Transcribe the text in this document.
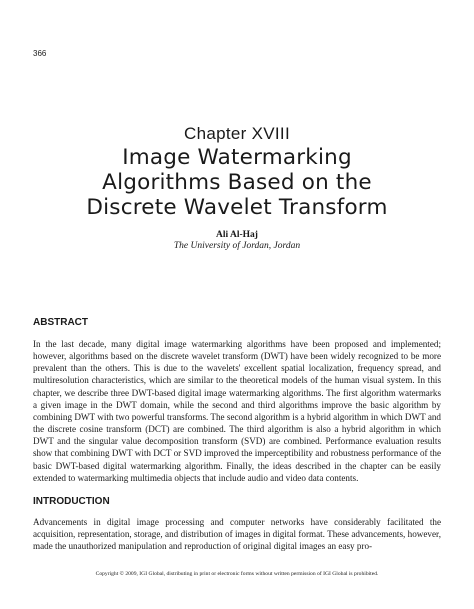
366
Chapter XVIII
Image Watermarking
Algorithms Based on the
Discrete Wavelet Transform
Ali Al-Haj
The University of Jordan, Jordan
ABSTRACT

In the last decade, many digital image watermarking algorithms have been proposed and implemented; however, algorithms based on the discrete wavelet transform (DWT) have been widely recognized to be more prevalent than the others. This is due to the wavelets' excellent spatial localization, frequency spread, and multiresolution characteristics, which are similar to the theoretical models of the human visual system. In this chapter, we describe three DWT-based digital image watermarking algorithms. The first algorithm watermarks a given image in the DWT domain, while the second and third algorithms improve the basic algorithm by combining DWT with two powerful transforms. The second algorithm is a hybrid algorithm in which DWT and the discrete cosine transform (DCT) are combined. The third algorithm is also a hybrid algorithm in which DWT and the singular value decomposition transform (SVD) are combined. Performance evaluation results show that combining DWT with DCT or SVD improved the imperceptibility and robustness performance of the basic DWT-based digital watermarking algorithm. Finally, the ideas described in the chapter can be easily extended to watermarking multimedia objects that include audio and video data contents.

INTRODUCTION

Advancements in digital image processing and computer networks have considerably facilitated the acquisition, representation, storage, and distribution of images in digital format. These advancements, however, made the unauthorized manipulation and reproduction of original digital images an easy pro-

Copyright © 2009, IGI Global, distributing in print or electronic forms without written permission of IGI Global is prohibited.
